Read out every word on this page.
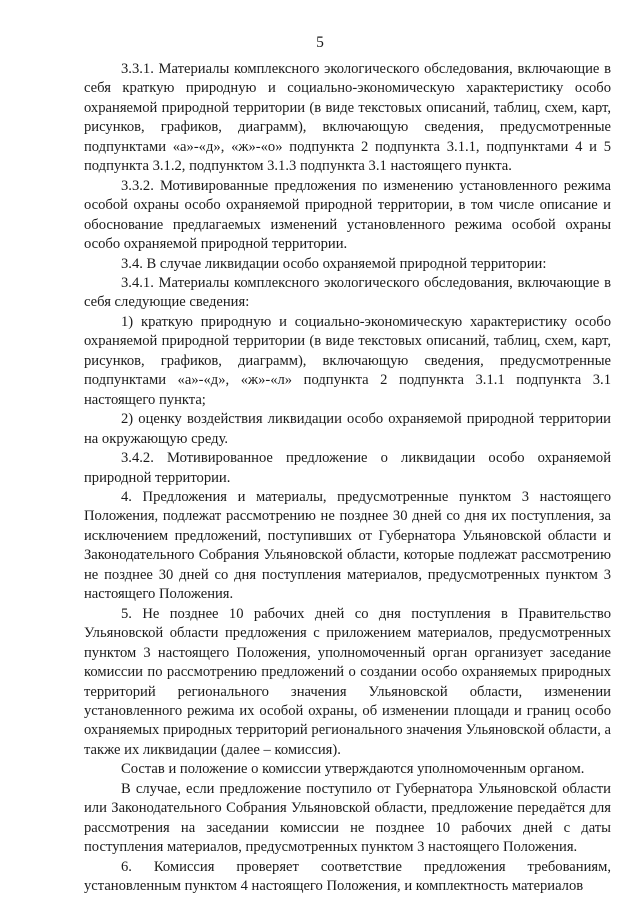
5

3.3.1. Материалы комплексного экологического обследования, включающие в себя краткую природную и социально-экономическую характеристику особо охраняемой природной территории (в виде текстовых описаний, таблиц, схем, карт, рисунков, графиков, диаграмм), включающую сведения, предусмотренные подпунктами «а»-«д», «ж»-«о» подпункта 2 подпункта 3.1.1, подпунктами 4 и 5 подпункта 3.1.2, подпунктом 3.1.3 подпункта 3.1 настоящего пункта.

3.3.2. Мотивированные предложения по изменению установленного режима особой охраны особо охраняемой природной территории, в том числе описание и обоснование предлагаемых изменений установленного режима особой охраны особо охраняемой природной территории.

3.4. В случае ликвидации особо охраняемой природной территории:

3.4.1. Материалы комплексного экологического обследования, включающие в себя следующие сведения:

1) краткую природную и социально-экономическую характеристику особо охраняемой природной территории (в виде текстовых описаний, таблиц, схем, карт, рисунков, графиков, диаграмм), включающую сведения, предусмотренные подпунктами «а»-«д», «ж»-«л» подпункта 2 подпункта 3.1.1 подпункта 3.1 настоящего пункта;

2) оценку воздействия ликвидации особо охраняемой природной территории на окружающую среду.

3.4.2. Мотивированное предложение о ликвидации особо охраняемой природной территории.

4. Предложения и материалы, предусмотренные пунктом 3 настоящего Положения, подлежат рассмотрению не позднее 30 дней со дня их поступления, за исключением предложений, поступивших от Губернатора Ульяновской области и Законодательного Собрания Ульяновской области, которые подлежат рассмотрению не позднее 30 дней со дня поступления материалов, предусмотренных пунктом 3 настоящего Положения.

5. Не позднее 10 рабочих дней со дня поступления в Правительство Ульяновской области предложения с приложением материалов, предусмотренных пунктом 3 настоящего Положения, уполномоченный орган организует заседание комиссии по рассмотрению предложений о создании особо охраняемых природных территорий регионального значения Ульяновской области, изменении установленного режима их особой охраны, об изменении площади и границ особо охраняемых природных территорий регионального значения Ульяновской области, а также их ликвидации (далее – комиссия).

Состав и положение о комиссии утверждаются уполномоченным органом.

В случае, если предложение поступило от Губернатора Ульяновской области или Законодательного Собрания Ульяновской области, предложение передаётся для рассмотрения на заседании комиссии не позднее 10 рабочих дней с даты поступления материалов, предусмотренных пунктом 3 настоящего Положения.

6. Комиссия проверяет соответствие предложения требованиям, установленным пунктом 4 настоящего Положения, и комплектность материалов
